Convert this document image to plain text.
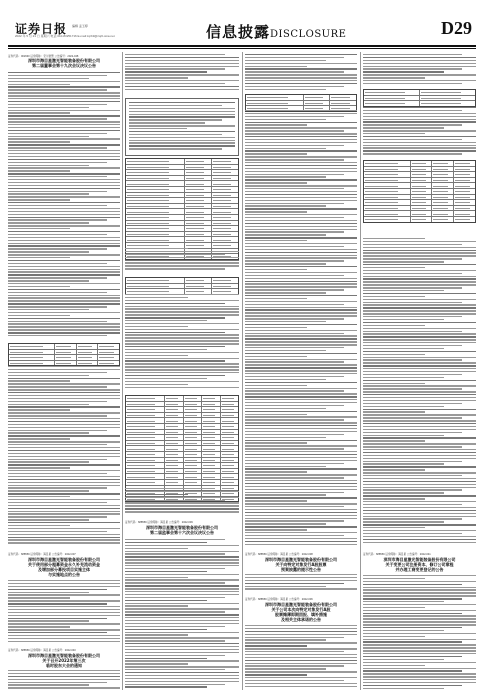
证券日报
2022 年 5 月 21 日 星期六 电话 010-83251716 E-mail:zqrb9@zqrb.sina.net
编辑 孟玉婷	信息披露DISCLOSURE	D29
证券代码：002930 证券简称：宏川智慧 公告编号：2022-048
深圳市海目星激光智能装备股份有限公司
第二届董事会第十九次会议决议公告
证券代码：688559 证券简称：海目星 公告编号：2022-037
深圳市海目星激光智能装备股份有限公司
关于使用部分超募资金永久补充流动资金
及增加部分募投项目实施主体
与实施地点的公告
证券代码：688559 证券简称：海目星 公告编号：2022-040
深圳市海目星激光智能装备股份有限公司
关于召开2022年第三次
临时股东大会的通知
证券代码：688559 证券简称：海目星 公告编号：2022-039
深圳市海目星激光智能装备股份有限公司
第二届监事会第十六次会议决议公告
证券代码：688559 证券简称：海目星 公告编号：2022-038
深圳市海目星激光智能装备股份有限公司
关于向特定对象发行A股股票
预案披露的提示性公告
证券代码：688559 证券简称：海目星 公告编号：2022-036
深圳市海目星激光智能装备股份有限公司
关于公司本次向特定对象发行A股
股票摊薄即期回报、填补措施
及相关主体承诺的公告
证券代码：688559 证券简称：海目星 公告编号：2022-041
深圳市海目星激光智能装备股份有限公司
关于变更公司注册资本、修订公司章程
并办理工商变更登记的公告
